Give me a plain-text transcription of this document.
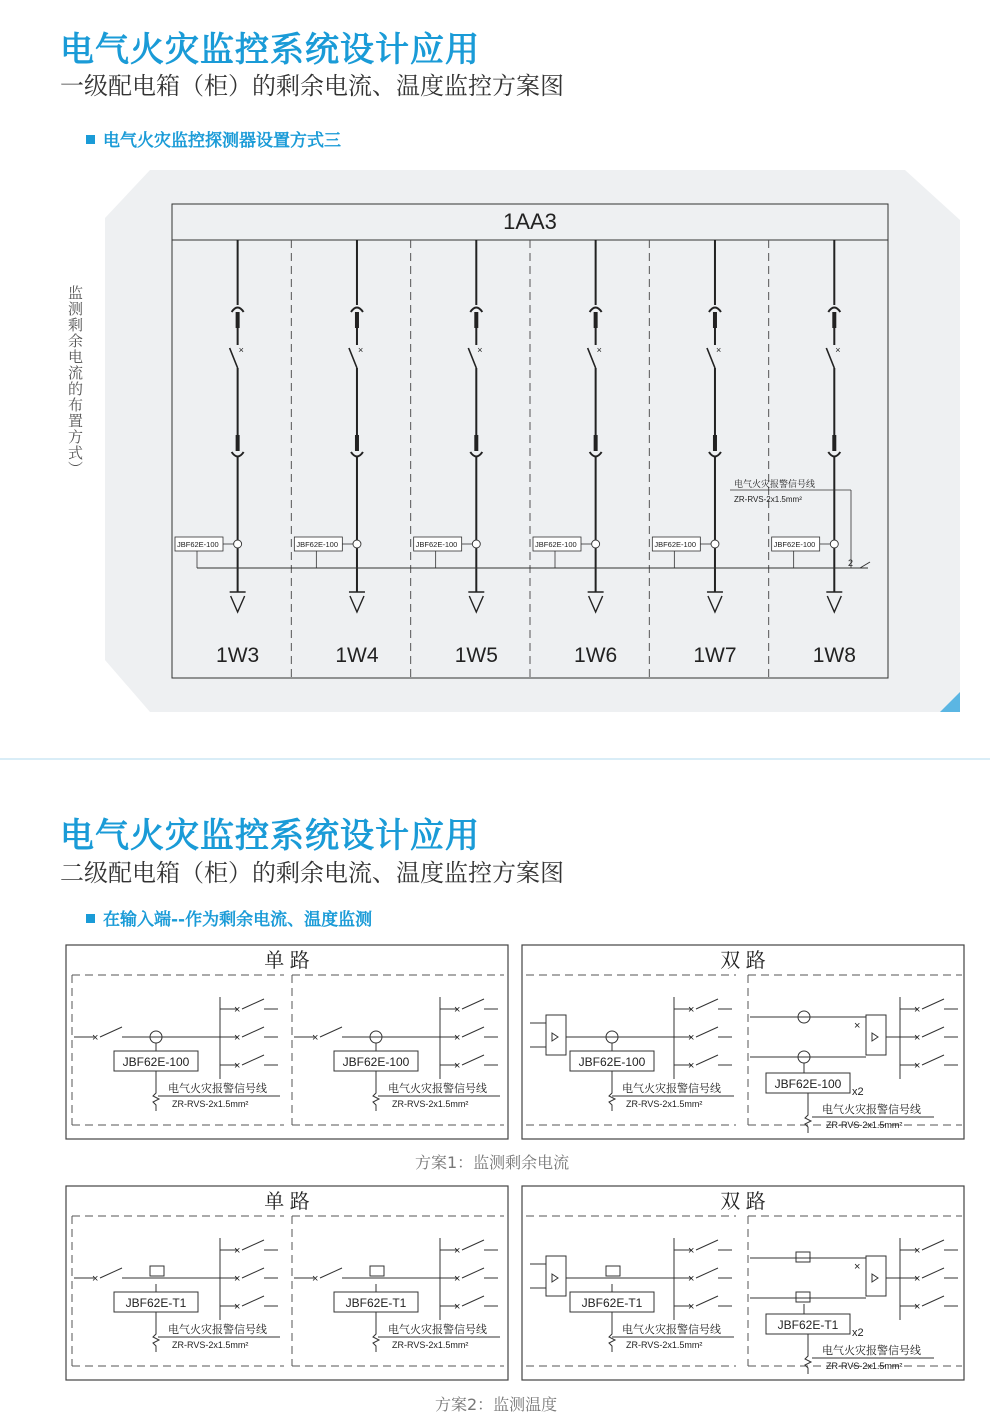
电气火灾监控系统设计应用
一级配电箱（柜）的剩余电流、温度监控方案图
电气火灾监控探测器设置方式三
监测剩余电流的布置方式）
1AA3
×
JBF62E-100
1W3
×
JBF62E-100
1W4
×
JBF62E-100
1W5
×
JBF62E-100
1W6
×
JBF62E-100
1W7
×
JBF62E-100
1W8
2
电气火灾报警信号线
ZR-RVS-2x1.5mm²
电气火灾监控系统设计应用
二级配电箱（柜）的剩余电流、温度监控方案图
在输入端--作为剩余电流、温度监测
单 路	双 路
×
×
×
×
JBF62E-100
电气火灾报警信号线
ZR-RVS-2x1.5mm²
×
×
×
×
JBF62E-100
电气火灾报警信号线
ZR-RVS-2x1.5mm²
×
×
×
JBF62E-100
电气火灾报警信号线
ZR-RVS-2x1.5mm²
×
×
×
×
JBF62E-100
x2
电气火灾报警信号线
ZR-RVS-2x1.5mm²
单 路	双 路
×
×
×
×
JBF62E-T1
电气火灾报警信号线
ZR-RVS-2x1.5mm²
×
×
×
×
JBF62E-T1
电气火灾报警信号线
ZR-RVS-2x1.5mm²
×
×
×
JBF62E-T1
电气火灾报警信号线
ZR-RVS-2x1.5mm²
×
×
×
×
JBF62E-T1
x2
电气火灾报警信号线
ZR-RVS-2x1.5mm²
方案1：监测剩余电流
方案2：监测温度
